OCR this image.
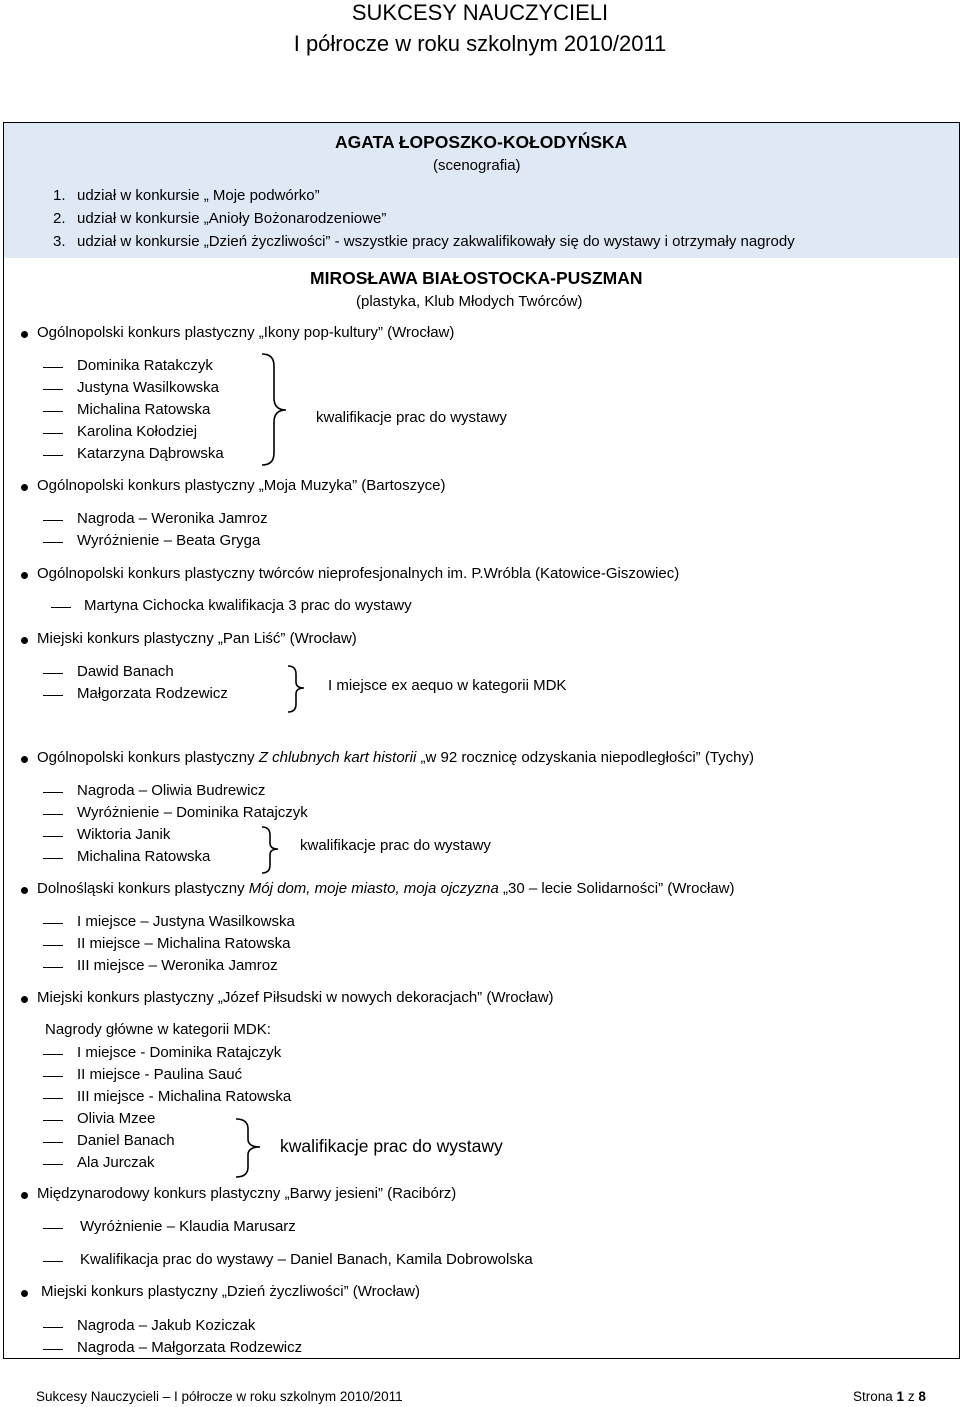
SUKCESY NAUCZYCIELI
I półrocze w roku szkolnym 2010/2011
AGATA ŁOPOSZKO-KOŁODYŃSKA
(scenografia)
1. udział w konkursie „ Moje podwórko”
2. udział w konkursie „Anioły Bożonarodzeniowe”
3. udział w konkursie „Dzień życzliwości” - wszystkie pracy zakwalifikowały się do wystawy i otrzymały nagrody
MIROSŁAWA BIAŁOSTOCKA-PUSZMAN
(plastyka, Klub Młodych Twórców)
Ogólnopolski konkurs plastyczny „Ikony pop-kultury” (Wrocław)
Dominika Ratakczyk
Justyna Wasilkowska
Michalina Ratowska
Karolina Kołodziej
Katarzyna Dąbrowska
kwalifikacje prac do wystawy
Ogólnopolski konkurs plastyczny „Moja Muzyka” (Bartoszyce)
Nagroda – Weronika Jamroz
Wyróżnienie – Beata Gryga
Ogólnopolski konkurs plastyczny twórców nieprofesjonalnych im. P.Wróbla (Katowice-Giszowiec)
Martyna Cichocka kwalifikacja 3 prac do wystawy
Miejski konkurs plastyczny „Pan Liść” (Wrocław)
Dawid Banach
Małgorzata Rodzewicz	I miejsce ex aequo w kategorii MDK
Ogólnopolski konkurs plastyczny Z chlubnych kart historii „w 92 rocznicę odzyskania niepodległości” (Tychy)
Nagroda – Oliwia Budrewicz
Wyróżnienie – Dominika Ratajczyk
Wiktoria Janik
Michalina Ratowska
kwalifikacje prac do wystawy
Dolnośląski konkurs plastyczny Mój dom, moje miasto, moja ojczyzna „30 – lecie Solidarności” (Wrocław)
I miejsce – Justyna Wasilkowska
II miejsce – Michalina Ratowska
III miejsce – Weronika Jamroz
Miejski konkurs plastyczny „Józef Piłsudski w nowych dekoracjach” (Wrocław)
Nagrody główne w kategorii MDK:
I miejsce - Dominika Ratajczyk
II miejsce - Paulina Sauć
III miejsce - Michalina Ratowska
Olivia Mzee
Daniel Banach
Ala Jurczak
kwalifikacje prac do wystawy
Międzynarodowy konkurs plastyczny „Barwy jesieni” (Racibórz)
Wyróżnienie – Klaudia Marusarz
Kwalifikacja prac do wystawy – Daniel Banach, Kamila Dobrowolska
Miejski konkurs plastyczny „Dzień życzliwości” (Wrocław)
Nagroda – Jakub Koziczak
Nagroda – Małgorzata Rodzewicz
Sukcesy Nauczycieli – I półrocze w roku szkolnym 2010/2011	Strona 1 z 8
